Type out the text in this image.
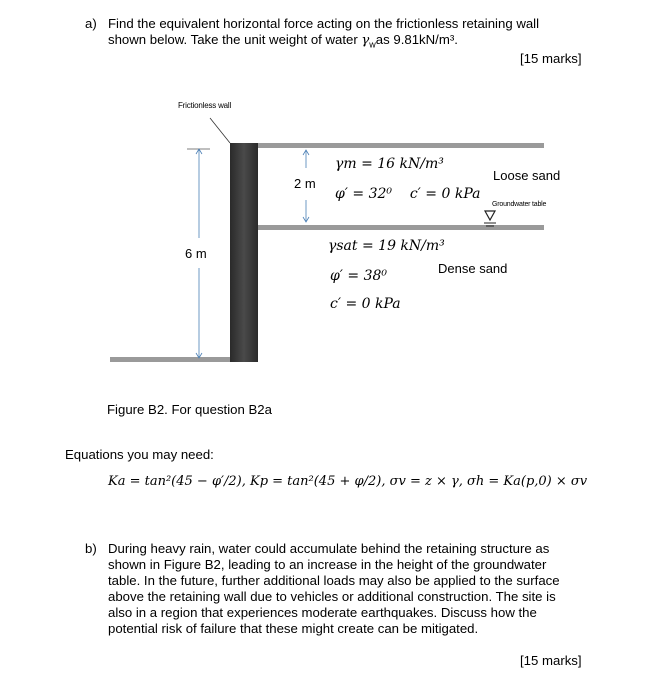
a) Find the equivalent horizontal force acting on the frictionless retaining wall
shown below. Take the unit weight of water $\gamma_was$ 9.81kN/m³.
[15 marks]
Frictionless wall
2 m
6 m
γm = 16 kN/m³
φ′ = 32⁰    c′ = 0 kPa
Loose sand
Groundwater table
γsat = 19 kN/m³
Dense sand
φ′ = 38⁰
c′ = 0 kPa
Figure B2. For question B2a
Equations you may need:
Ka = tan²(45 − φ′/2), Kp = tan²(45 + φ/2), σv = z × γ, σh = Ka(p,0) × σv
b) During heavy rain, water could accumulate behind the retaining structure as
shown in Figure B2, leading to an increase in the height of the groundwater
table. In the future, further additional loads may also be applied to the surface
above the retaining wall due to vehicles or additional construction. The site is
also in a region that experiences moderate earthquakes. Discuss how the
potential risk of failure that these might create can be mitigated.
[15 marks]
